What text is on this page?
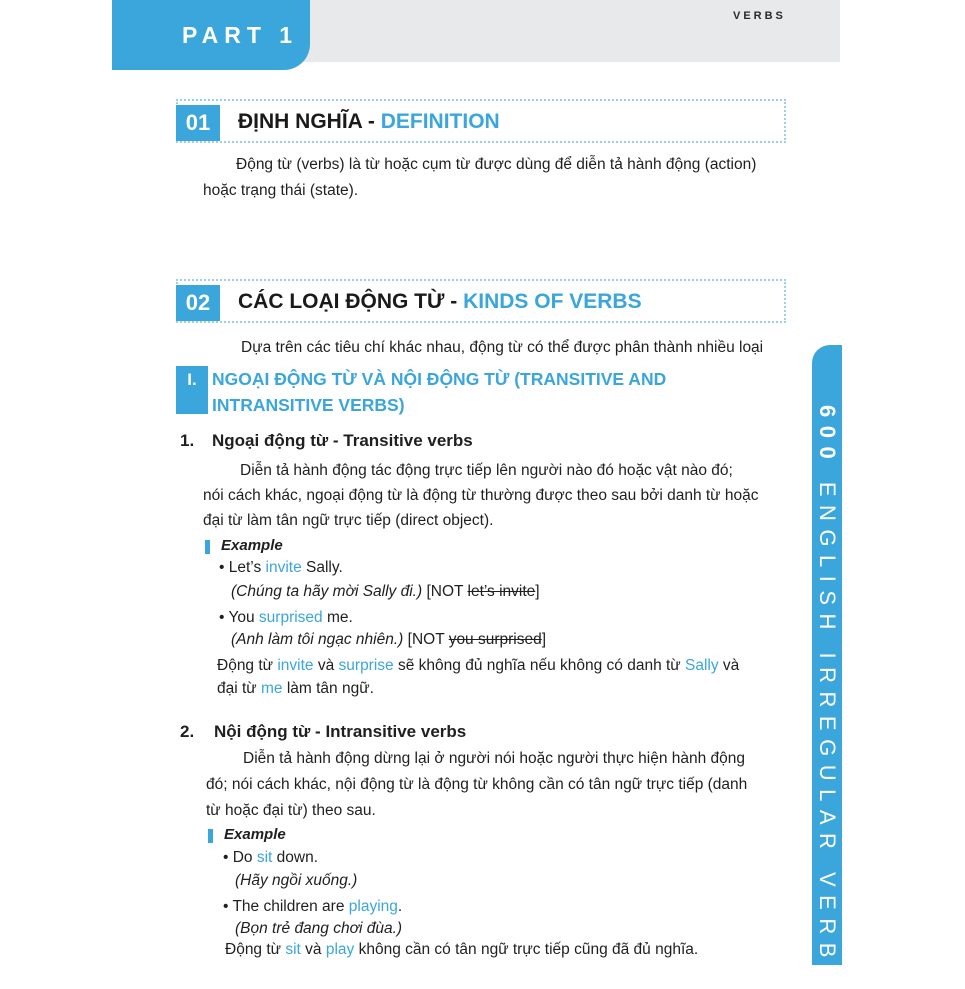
PART 1
VERBS
600 ENGLISH IRREGULAR VERBS
01	ĐỊNH NGHĨA - DEFINITION
Động từ (verbs) là từ hoặc cụm từ được dùng để diễn tả hành động (action)
hoặc trạng thái (state).
02	CÁC LOẠI ĐỘNG TỪ - KINDS OF VERBS
Dựa trên các tiêu chí khác nhau, động từ có thể được phân thành nhiều loại
I. NGOẠI ĐỘNG TỪ VÀ NỘI ĐỘNG TỪ (TRANSITIVE AND INTRANSITIVE VERBS)
1. Ngoại động từ - Transitive verbs
Diễn tả hành động tác động trực tiếp lên người nào đó hoặc vật nào đó;
nói cách khác, ngoại động từ là động từ thường được theo sau bởi danh từ hoặc
đại từ làm tân ngữ trực tiếp (direct object).
Example
• Let’s invite Sally.
(Chúng ta hãy mời Sally đi.) [NOT let’s invite]
• You surprised me.
(Anh làm tôi ngạc nhiên.) [NOT you surprised]
Động từ invite và surprise sẽ không đủ nghĩa nếu không có danh từ Sally và
đại từ me làm tân ngữ.
2. Nội động từ - Intransitive verbs
Diễn tả hành động dừng lại ở người nói hoặc người thực hiện hành động
đó; nói cách khác, nội động từ là động từ không cần có tân ngữ trực tiếp (danh
từ hoặc đại từ) theo sau.
Example
• Do sit down.
(Hãy ngồi xuống.)
• The children are playing.
(Bọn trẻ đang chơi đùa.)
Động từ sit và play không cần có tân ngữ trực tiếp cũng đã đủ nghĩa.
